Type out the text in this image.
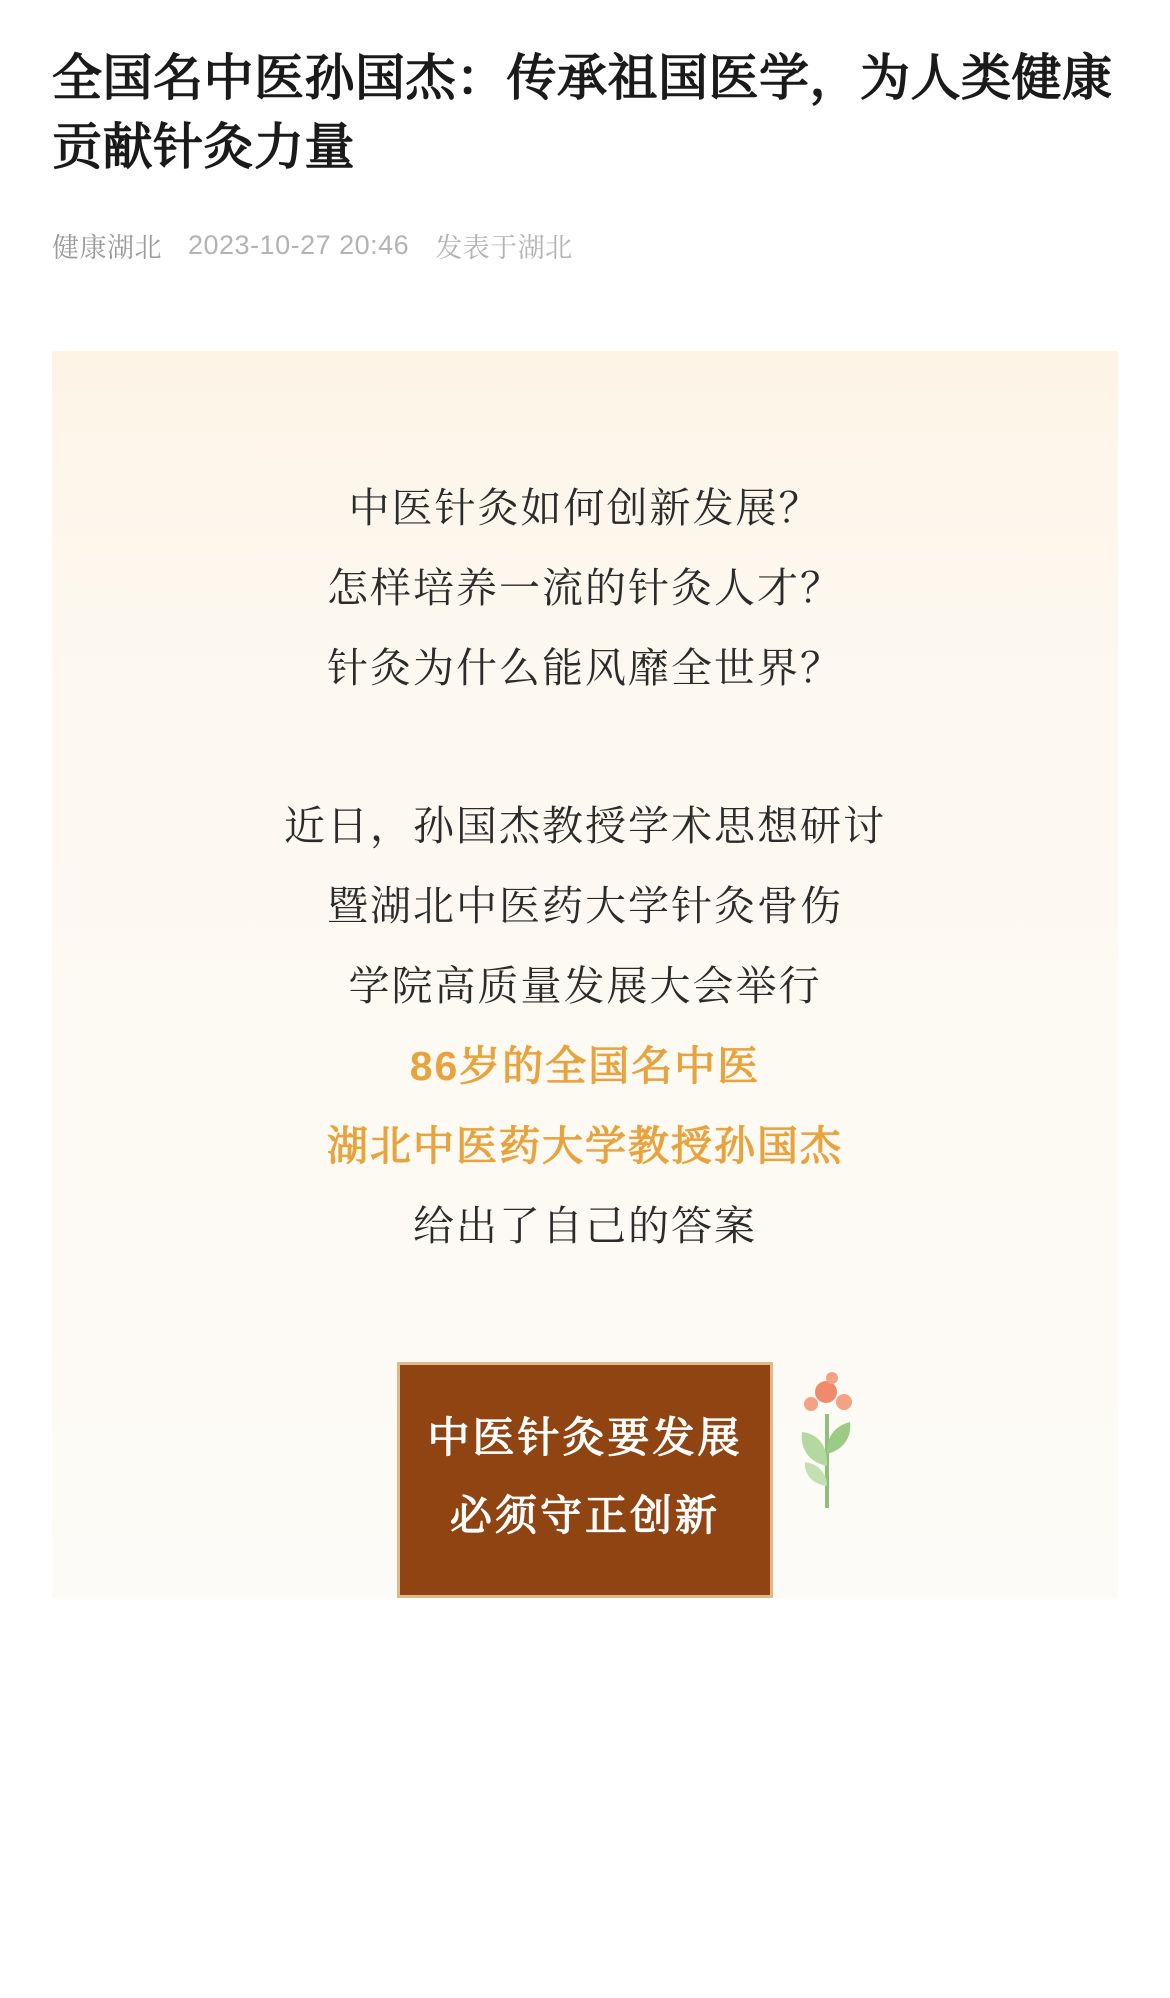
全国名中医孙国杰：传承祖国医学，为人类健康贡献针灸力量
健康湖北 2023-10-27 20:46 发表于湖北
中医针灸如何创新发展？
怎样培养一流的针灸人才？
针灸为什么能风靡全世界？
近日，孙国杰教授学术思想研讨
暨湖北中医药大学针灸骨伤
学院高质量发展大会举行
86岁的全国名中医
湖北中医药大学教授孙国杰
给出了自己的答案
中医针灸要发展
必须守正创新
